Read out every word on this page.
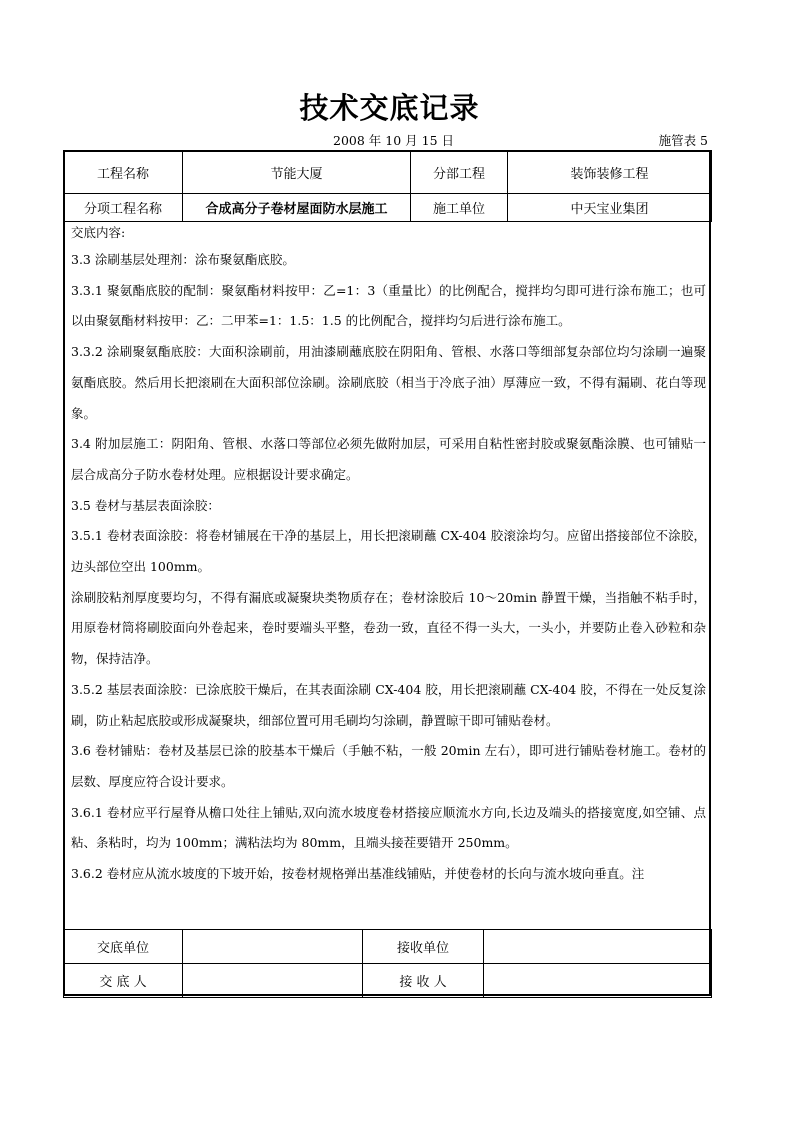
技术交底记录
2008 年 10 月 15 日	施管表 5
工程名称	节能大厦	分部工程	装饰装修工程
分项工程名称	合成高分子卷材屋面防水层施工	施工单位	中天宝业集团

交底内容:

3.3 涂刷基层处理剂：涂布聚氨酯底胶。

3.3.1 聚氨酯底胶的配制：聚氨酯材料按甲：乙=1：3（重量比）的比例配合，搅拌均匀即可进行涂布施工；也可以由聚氨酯材料按甲：乙：二甲苯=1：1.5：1.5 的比例配合，搅拌均匀后进行涂布施工。

3.3.2 涂刷聚氨酯底胶：大面积涂刷前，用油漆刷蘸底胶在阴阳角、管根、水落口等细部复杂部位均匀涂刷一遍聚氨酯底胶。然后用长把滚刷在大面积部位涂刷。涂刷底胶（相当于冷底子油）厚薄应一致，不得有漏刷、花白等现象。

3.4 附加层施工：阴阳角、管根、水落口等部位必须先做附加层，可采用自粘性密封胶或聚氨酯涂膜、也可铺贴一层合成高分子防水卷材处理。应根据设计要求确定。

3.5 卷材与基层表面涂胶：

3.5.1 卷材表面涂胶：将卷材铺展在干净的基层上，用长把滚刷蘸 CX-404 胶滚涂均匀。应留出搭接部位不涂胶，边头部位空出 100mm。

涂刷胶粘剂厚度要均匀，不得有漏底或凝聚块类物质存在；卷材涂胶后 10～20min 静置干燥，当指触不粘手时，用原卷材筒将刷胶面向外卷起来，卷时要端头平整，卷劲一致，直径不得一头大，一头小，并要防止卷入砂粒和杂物，保持洁净。

3.5.2 基层表面涂胶：已涂底胶干燥后，在其表面涂刷 CX-404 胶，用长把滚刷蘸 CX-404 胶，不得在一处反复涂刷，防止粘起底胶或形成凝聚块，细部位置可用毛刷均匀涂刷，静置晾干即可铺贴卷材。

3.6 卷材铺贴：卷材及基层已涂的胶基本干燥后（手触不粘，一般 20min 左右），即可进行铺贴卷材施工。卷材的层数、厚度应符合设计要求。

3.6.1 卷材应平行屋脊从檐口处往上铺贴,双向流水坡度卷材搭接应顺流水方向,长边及端头的搭接宽度,如空铺、点粘、条粘时，均为 100mm；满粘法均为 80mm，且端头接茬要错开 250mm。

3.6.2 卷材应从流水坡度的下坡开始，按卷材规格弹出基准线铺贴，并使卷材的长向与流水坡向垂直。注

交底单位		接收单位	
交 底 人		接 收 人	
